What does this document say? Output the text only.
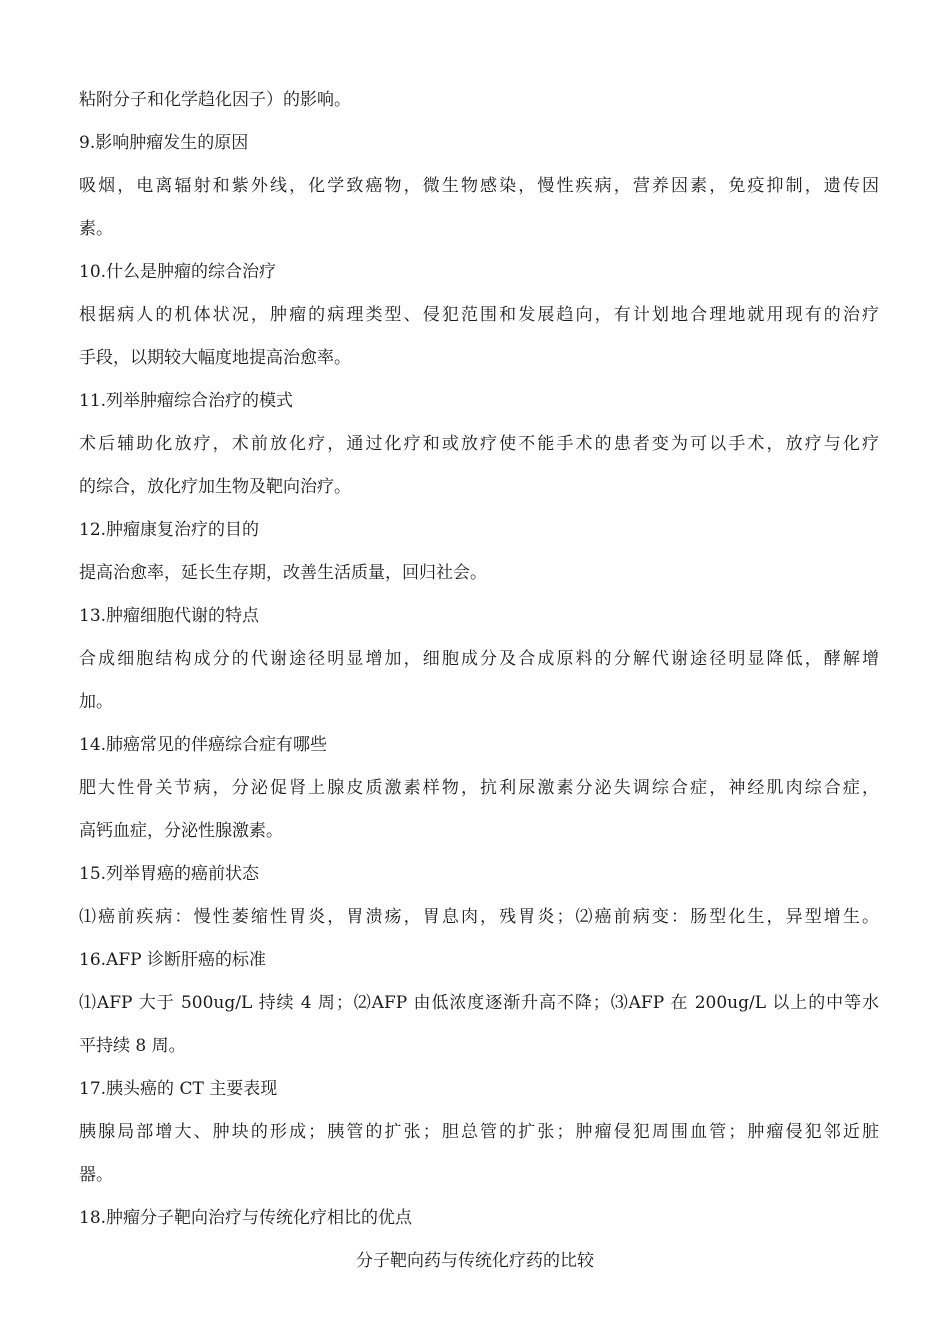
粘附分子和化学趋化因子）的影响。
9.影响肿瘤发生的原因
吸烟，电离辐射和紫外线，化学致癌物，微生物感染，慢性疾病，营养因素，免疫抑制，遗传因
素。
10.什么是肿瘤的综合治疗
根据病人的机体状况，肿瘤的病理类型、侵犯范围和发展趋向，有计划地合理地就用现有的治疗
手段，以期较大幅度地提高治愈率。
11.列举肿瘤综合治疗的模式
术后辅助化放疗，术前放化疗，通过化疗和或放疗使不能手术的患者变为可以手术，放疗与化疗
的综合，放化疗加生物及靶向治疗。
12.肿瘤康复治疗的目的
提高治愈率，延长生存期，改善生活质量，回归社会。
13.肿瘤细胞代谢的特点
合成细胞结构成分的代谢途径明显增加，细胞成分及合成原料的分解代谢途径明显降低，酵解增
加。
14.肺癌常见的伴癌综合症有哪些
肥大性骨关节病，分泌促肾上腺皮质激素样物，抗利尿激素分泌失调综合症，神经肌肉综合症，
高钙血症，分泌性腺激素。
15.列举胃癌的癌前状态
⑴癌前疾病：慢性萎缩性胃炎，胃溃疡，胃息肉，残胃炎；⑵癌前病变：肠型化生，异型增生。
16.AFP 诊断肝癌的标准
⑴AFP 大于 500ug/L 持续 4 周；⑵AFP 由低浓度逐渐升高不降；⑶AFP 在 200ug/L 以上的中等水
平持续 8 周。
17.胰头癌的 CT 主要表现
胰腺局部增大、肿块的形成；胰管的扩张；胆总管的扩张；肿瘤侵犯周围血管；肿瘤侵犯邻近脏
器。
18.肿瘤分子靶向治疗与传统化疗相比的优点
分子靶向药与传统化疗药的比较
